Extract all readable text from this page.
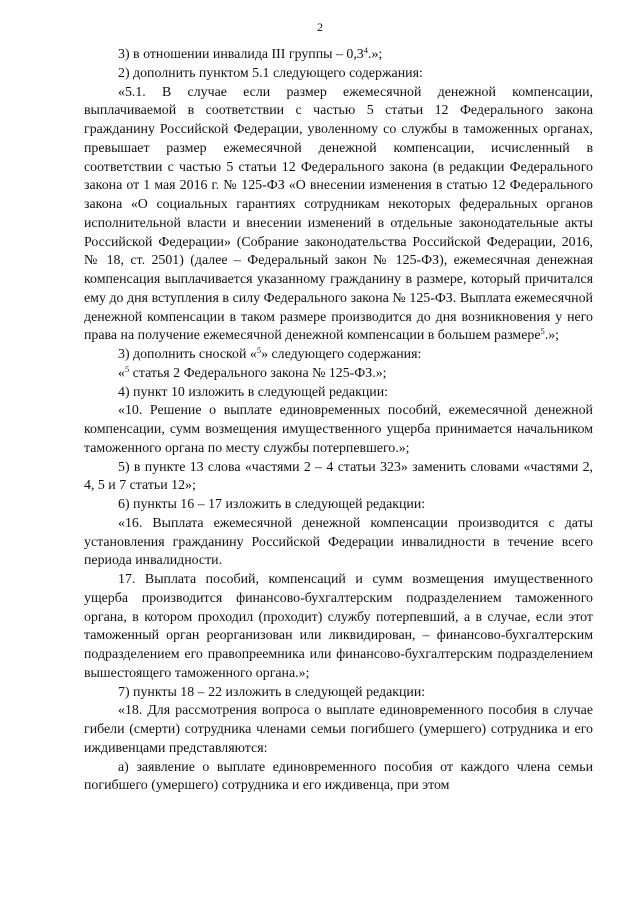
2

3) в отношении инвалида III группы – $0,3^4$.»;

2) дополнить пунктом 5.1 следующего содержания:

«5.1. В случае если размер ежемесячной денежной компенсации, выплачиваемой в соответствии с частью 5 статьи 12 Федерального закона гражданину Российской Федерации, уволенному со службы в таможенных органах, превышает размер ежемесячной денежной компенсации, исчисленный в соответствии с частью 5 статьи 12 Федерального закона (в редакции Федерального закона от 1 мая 2016 г. № 125-ФЗ «О внесении изменения в статью 12 Федерального закона «О социальных гарантиях сотрудникам некоторых федеральных органов исполнительной власти и внесении изменений в отдельные законодательные акты Российской Федерации» (Собрание законодательства Российской Федерации, 2016, № 18, ст. 2501) (далее – Федеральный закон № 125-ФЗ), ежемесячная денежная компенсация выплачивается указанному гражданину в размере, который причитался ему до дня вступления в силу Федерального закона № 125-ФЗ. Выплата ежемесячной денежной компенсации в таком размере производится до дня возникновения у него права на получение ежемесячной денежной компенсации в большем размере$^5$.»;

3) дополнить сноской «$^5$» следующего содержания:

«$^5$ статья 2 Федерального закона № 125-ФЗ.»;

4) пункт 10 изложить в следующей редакции:

«10. Решение о выплате единовременных пособий, ежемесячной денежной компенсации, сумм возмещения имущественного ущерба принимается начальником таможенного органа по месту службы потерпевшего.»;

5) в пункте 13 слова «частями 2 – 4 статьи 323» заменить словами «частями 2, 4, 5 и 7 статьи 12»;

6) пункты 16 – 17 изложить в следующей редакции:

«16. Выплата ежемесячной денежной компенсации производится с даты установления гражданину Российской Федерации инвалидности в течение всего периода инвалидности.

17. Выплата пособий, компенсаций и сумм возмещения имущественного ущерба производится финансово-бухгалтерским подразделением таможенного органа, в котором проходил (проходит) службу потерпевший, а в случае, если этот таможенный орган реорганизован или ликвидирован, – финансово-бухгалтерским подразделением его правопреемника или финансово-бухгалтерским подразделением вышестоящего таможенного органа.»;

7) пункты 18 – 22 изложить в следующей редакции:

«18. Для рассмотрения вопроса о выплате единовременного пособия в случае гибели (смерти) сотрудника членами семьи погибшего (умершего) сотрудника и его иждивенцами представляются:

а) заявление о выплате единовременного пособия от каждого члена семьи погибшего (умершего) сотрудника и его иждивенца, при этом
